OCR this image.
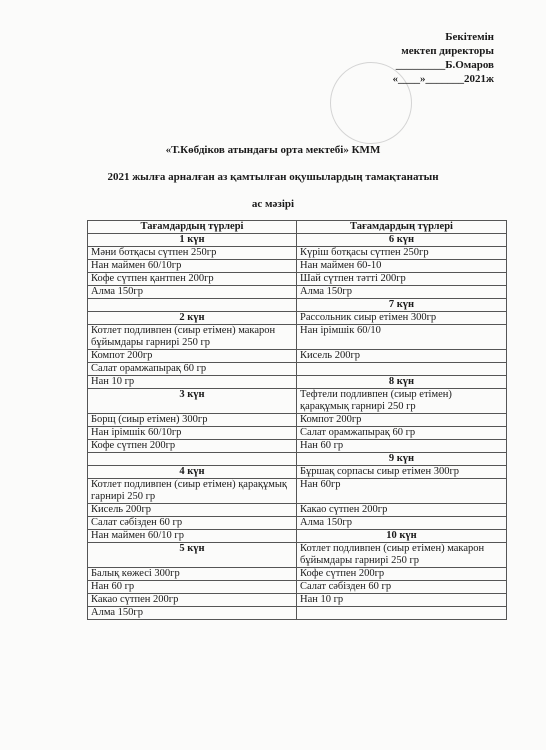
Бекітемін
мектеп директоры
_________Б.Омаров
«____»_______2021ж
«Т.Көбдіков атындағы орта мектебі» КММ
2021 жылға арналған аз қамтылған оқушылардың тамақтанатын
ас мәзірі
Тағамдардың түрлері	Тағамдардың түрлері
1 күн	6 күн
Мәни ботқасы сүтпен 250гр	Күріш ботқасы сүтпен 250гр
Нан маймен 60/10гр	Нан маймен 60-10
Кофе сүтпен қантпен 200гр	Шай сүтпен тәтті 200гр
Алма 150гр	Алма 150гр
	7 күн
2 күн	Рассольник сиыр етімен 300гр
Котлет подливпен (сиыр етімен) макарон бұйымдары гарнирі 250 гр	Нан ірімшік 60/10
Компот 200гр	Кисель 200гр
Салат орамжапырақ 60 гр	
Нан 10 гр	8 күн
3 күн	Тефтели подливпен (сиыр етімен) қарақұмық гарнирі 250 гр
Борщ (сиыр етімен) 300гр	Компот 200гр
Нан ірімшік 60/10гр	Салат орамжапырақ 60 гр
Кофе сүтпен 200гр	Нан 60 гр
	9 күн
4 күн	Бұршақ сорпасы сиыр етімен 300гр
Котлет подливпен (сиыр етімен) қарақұмық гарнирі 250 гр	Нан 60гр
Кисель 200гр	Какао сүтпен 200гр
Салат сәбізден 60 гр	Алма 150гр
Нан маймен 60/10 гр	10 күн
5 күн	Котлет подливпен (сиыр етімен) макарон бұйымдары гарнирі 250 гр
Балық көжесі 300гр	Кофе сүтпен 200гр
Нан 60 гр	Салат сәбізден 60 гр
Какао сүтпен 200гр	Нан 10 гр
Алма 150гр	
